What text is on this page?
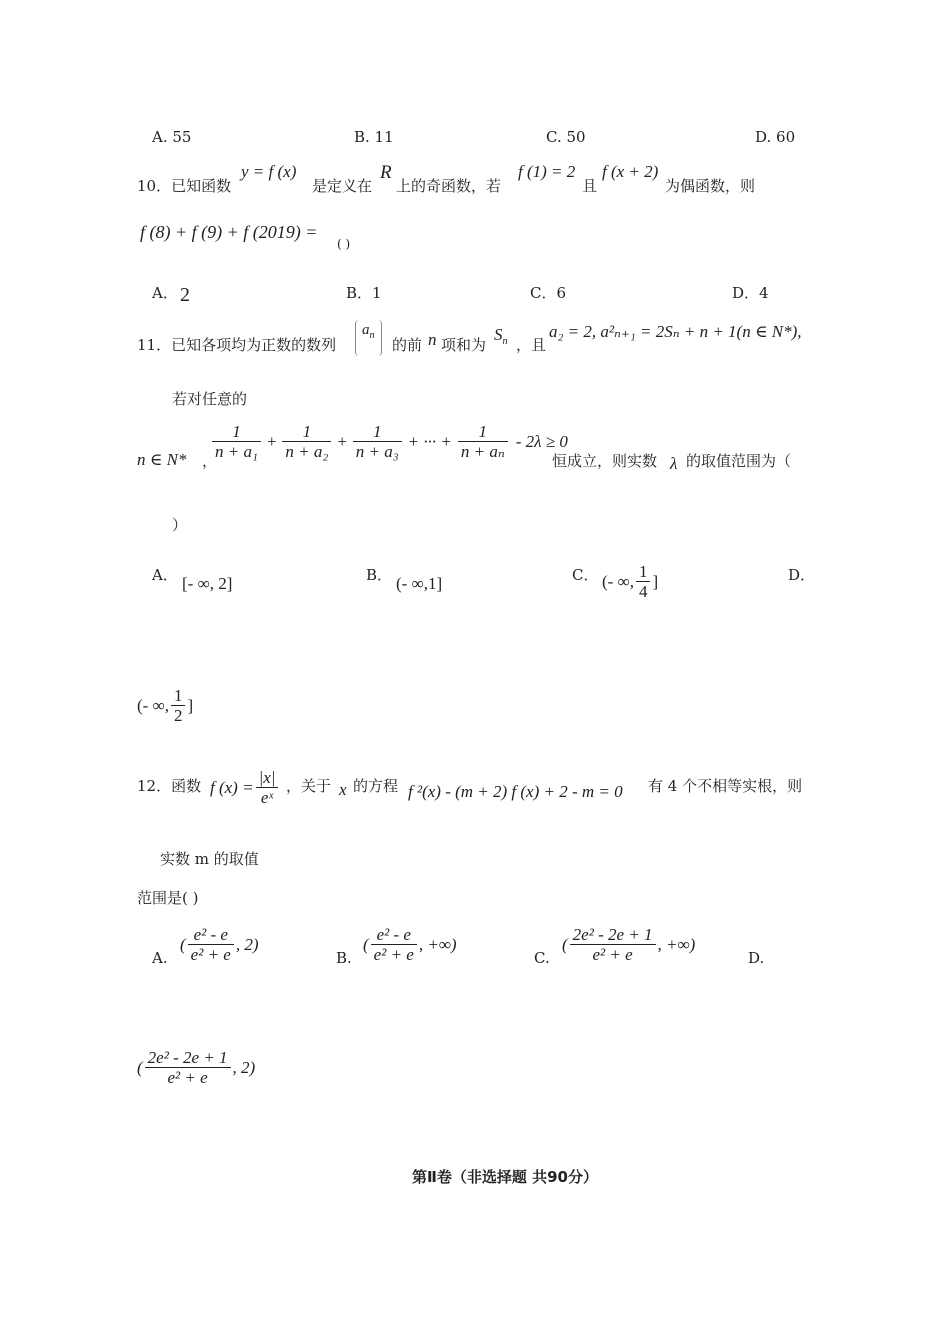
A. 55	B. 11	C. 50	D. 60
10．已知函数
y = f (x)
是定义在
R
上的奇函数，若
f (1) = 2
且
f (x + 2)
为偶函数，则
f (8) + f (9) + f (2019) =
( )
A． 2	B．1	C．6	D．4
11．已知各项均为正数的数列
$a_n$
的前 n 项和为
$S_n$ ，且
a₂ = 2, a²ₙ₊₁ = 2Sₙ + n + 1(n ∈ N*),
若对任意的
n ∈ N* ，
$\frac{1}{\text{n + a₁}} + \frac{1}{\text{n + a₂}} + \frac{1}{\text{n + a₃}}$ + ··· + $\frac{1}{\text{n + aₙ}} - 2\lambda \ge 0$
恒成立，则实数 λ 的取值范围为（
）
A． [- ∞, 2]	B． (- ∞,1]	C． (- ∞, $\frac{1}{4}$ ]	D．
(- ∞, $\frac{1}{2}$ ]
12．函数 f $(x) = \frac{|x|}{\text{eˣ}}$ ，关于 x 的方程 f ²(x) - (m + 2) f (x) + 2 - m = 0 有 4 个不相等实根，则
实数 m 的取值
范围是( )
A.
( $\frac{\text{e² - e}}{\text{e² + e}}$ , 2)
B.
( $\frac{\text{e² - e}}{\text{e² + e}}$ , +∞)
C.
( $\frac{\text{2e² - 2e + 1}}{\text{e² + e}}$ , +∞)
D.
( $\frac{\text{2e² - 2e + 1}}{\text{e² + e}}$ , 2)
第Ⅱ卷（非选择题 共90分）
